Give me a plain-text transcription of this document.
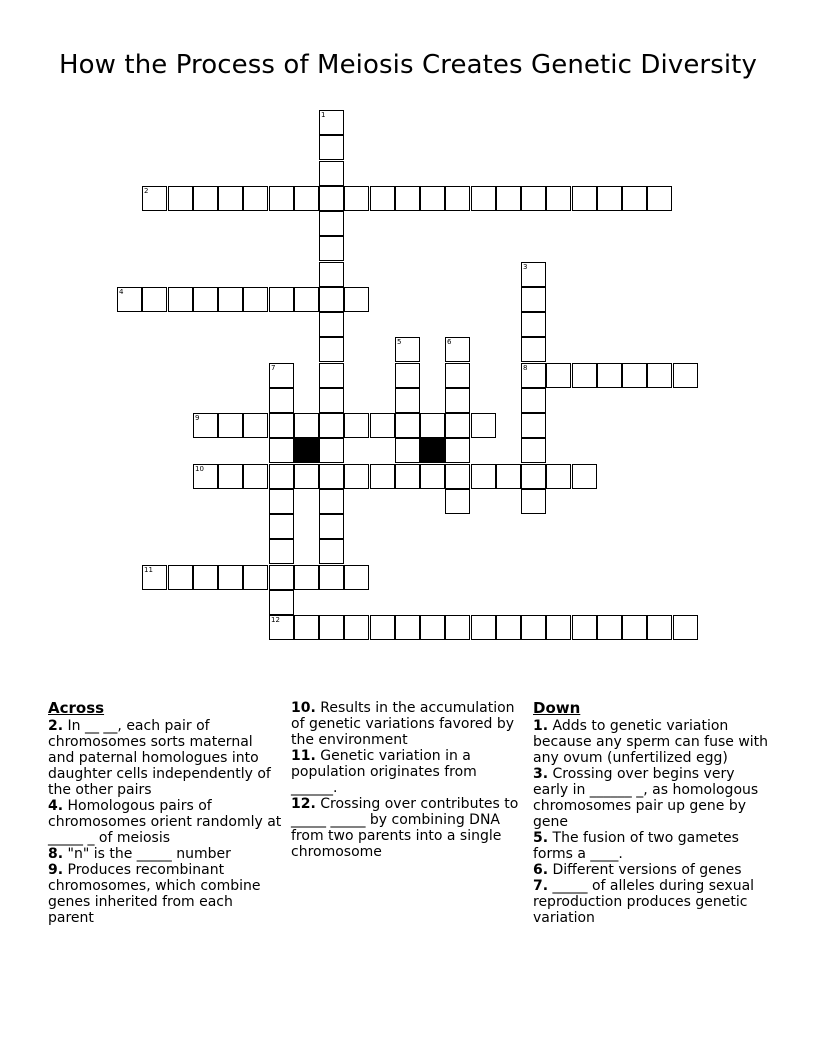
How the Process of Meiosis Creates Genetic Diversity
1
2
3
8
4
5	6
7
12
9
10
11
Across
2. In __ __, each pair of chromosomes sorts maternal and paternal homologues into daughter cells independently of the other pairs
4. Homologous pairs of chromosomes orient randomly at _____ _ of meiosis
8. "n" is the _____ number
9. Produces recombinant chromosomes, which combine genes inherited from each parent
10. Results in the accumulation of genetic variations favored by the environment
11. Genetic variation in a population originates from ______.
12. Crossing over contributes to _____ _____ by combining DNA from two parents into a single chromosome
Down
1. Adds to genetic variation because any sperm can fuse with any ovum (unfertilized egg)
3. Crossing over begins very early in ______ _, as homologous chromosomes pair up gene by gene
5. The fusion of two gametes forms a ____.
6. Different versions of genes
7. _____ of alleles during sexual reproduction produces genetic variation
